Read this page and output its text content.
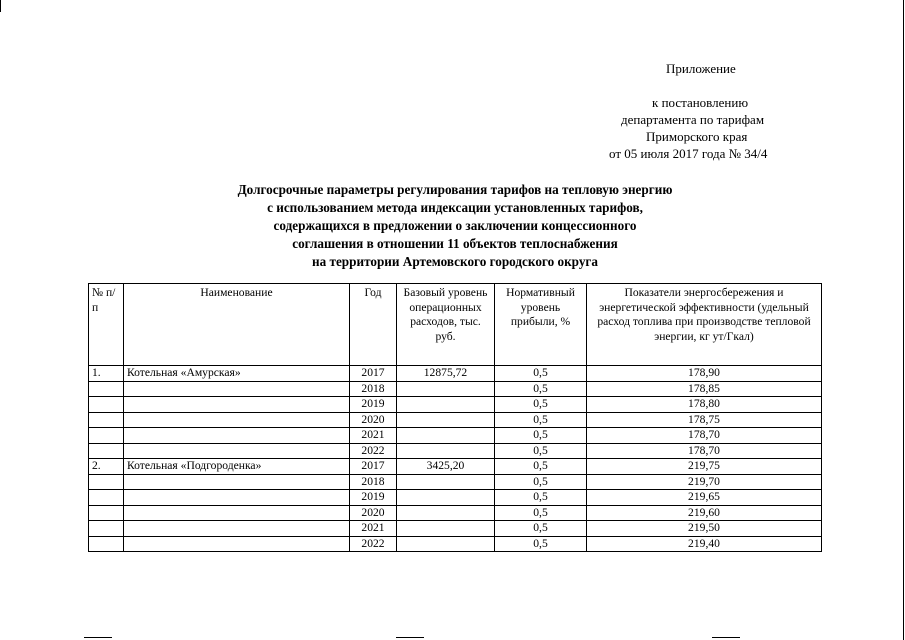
Приложение
к постановлению
департамента по тарифам
Приморского края
от 05 июля 2017 года № 34/4
Долгосрочные параметры регулирования тарифов на тепловую энергию
с использованием метода индексации установленных тарифов,
содержащихся в предложении о заключении концессионного
соглашения в отношении 11 объектов теплоснабжения
на территории Артемовского городского округа
№ п/п	Наименование	Год	Базовый уровень операционных расходов, тыс. руб.	Нормативный уровень прибыли, %	Показатели энергосбережения и энергетической эффективности (удельный расход топлива при производстве тепловой энергии, кг ут/Гкал)
1.	Котельная «Амурская»	2017	12875,72	0,5	178,90
		2018		0,5	178,85
		2019		0,5	178,80
		2020		0,5	178,75
		2021		0,5	178,70
		2022		0,5	178,70
2.	Котельная «Подгороденка»	2017	3425,20	0,5	219,75
		2018		0,5	219,70
		2019		0,5	219,65
		2020		0,5	219,60
		2021		0,5	219,50
		2022		0,5	219,40
